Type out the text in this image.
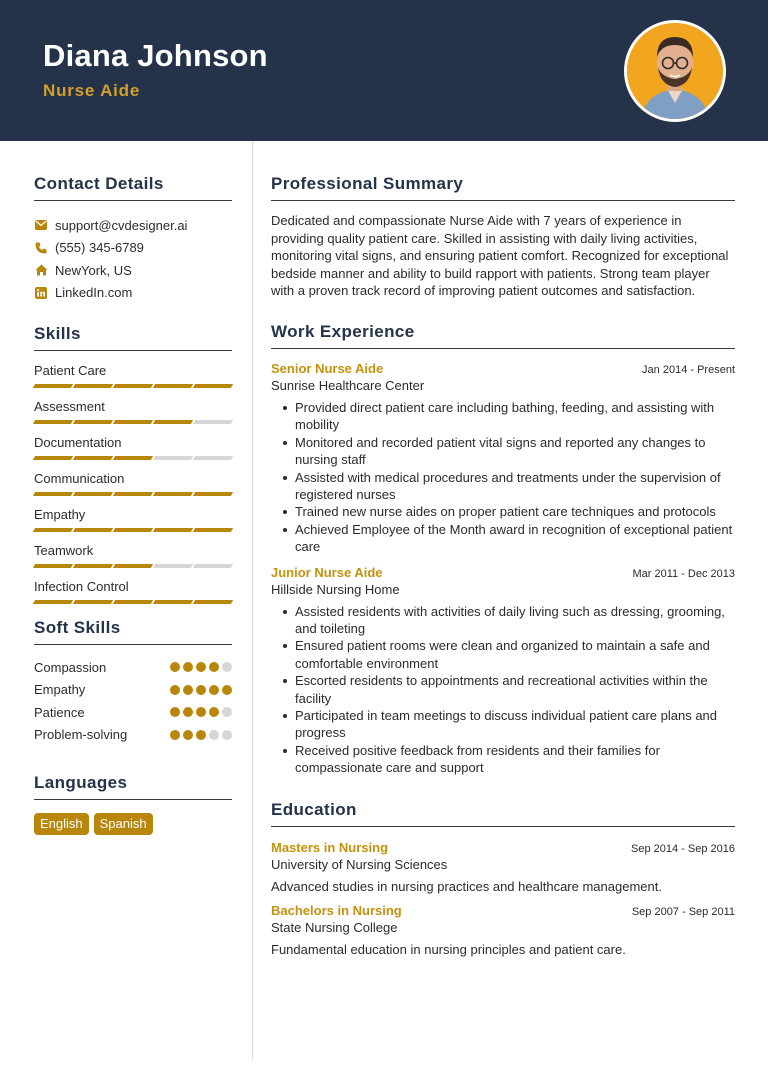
Diana Johnson
Nurse Aide
Contact Details
support@cvdesigner.ai
(555) 345-6789
NewYork, US
LinkedIn.com
Skills
Patient Care
Assessment
Documentation
Communication
Empathy
Teamwork
Infection Control
Soft Skills
Compassion
Empathy
Patience
Problem-solving
Languages
English	Spanish
Professional Summary
Dedicated and compassionate Nurse Aide with 7 years of experience in providing quality patient care. Skilled in assisting with daily living activities, monitoring vital signs, and ensuring patient comfort. Recognized for exceptional bedside manner and ability to build rapport with patients. Strong team player with a proven track record of improving patient outcomes and satisfaction.
Work Experience
Senior Nurse Aide	Jan 2014 - Present
Sunrise Healthcare Center
Provided direct patient care including bathing, feeding, and assisting with mobility
Monitored and recorded patient vital signs and reported any changes to nursing staff
Assisted with medical procedures and treatments under the supervision of registered nurses
Trained new nurse aides on proper patient care techniques and protocols
Achieved Employee of the Month award in recognition of exceptional patient care
Junior Nurse Aide	Mar 2011 - Dec 2013
Hillside Nursing Home
Assisted residents with activities of daily living such as dressing, grooming, and toileting
Ensured patient rooms were clean and organized to maintain a safe and comfortable environment
Escorted residents to appointments and recreational activities within the facility
Participated in team meetings to discuss individual patient care plans and progress
Received positive feedback from residents and their families for compassionate care and support
Education
Masters in Nursing	Sep 2014 - Sep 2016
University of Nursing Sciences
Advanced studies in nursing practices and healthcare management.
Bachelors in Nursing	Sep 2007 - Sep 2011
State Nursing College
Fundamental education in nursing principles and patient care.
